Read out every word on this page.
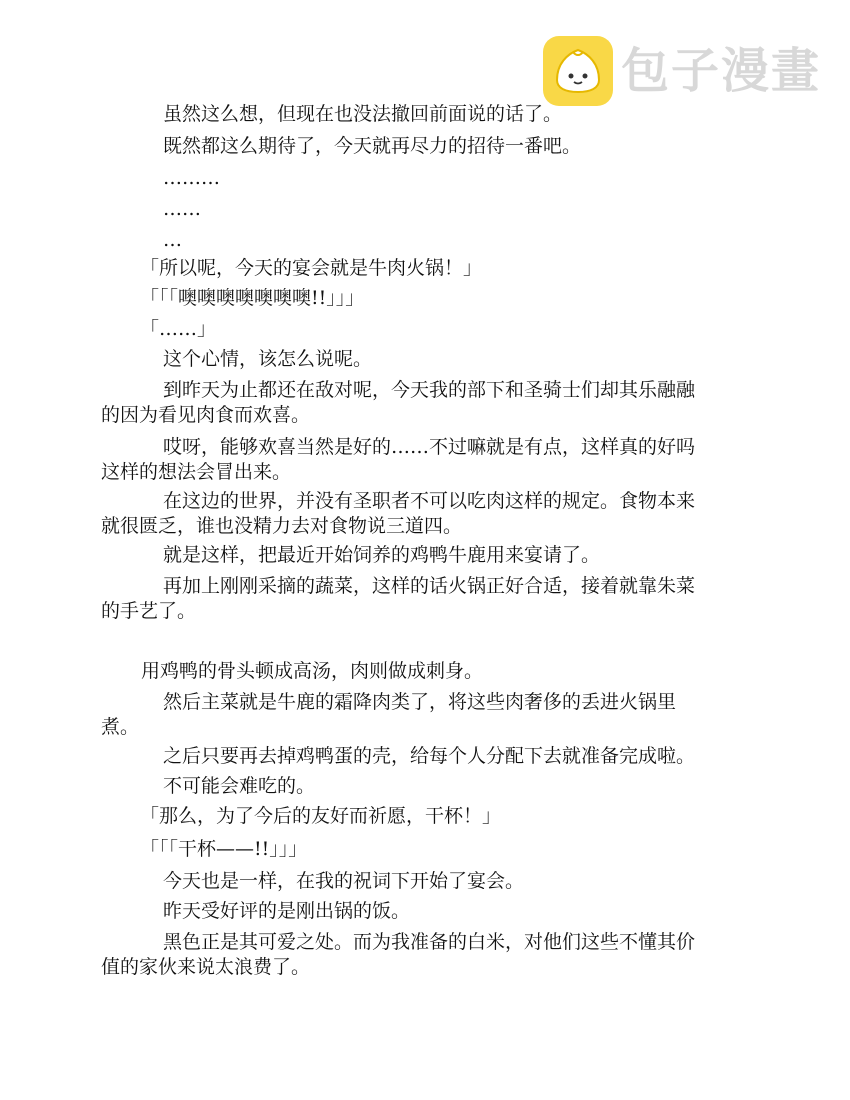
包子漫畫
虽然这么想，但现在也没法撤回前面说的话了。
既然都这么期待了，今天就再尽力的招待一番吧。
………
……
…
「所以呢，今天的宴会就是牛肉火锅！」
「「「噢噢噢噢噢噢噢!!」」」
「……」
这个心情，该怎么说呢。
到昨天为止都还在敌对呢，今天我的部下和圣骑士们却其乐融融
的因为看见肉食而欢喜。
哎呀，能够欢喜当然是好的……不过嘛就是有点，这样真的好吗
这样的想法会冒出来。
在这边的世界，并没有圣职者不可以吃肉这样的规定。食物本来
就很匮乏，谁也没精力去对食物说三道四。
就是这样，把最近开始饲养的鸡鸭牛鹿用来宴请了。
再加上刚刚采摘的蔬菜，这样的话火锅正好合适，接着就靠朱菜
的手艺了。
用鸡鸭的骨头顿成高汤，肉则做成刺身。
然后主菜就是牛鹿的霜降肉类了，将这些肉奢侈的丢进火锅里
煮。
之后只要再去掉鸡鸭蛋的壳，给每个人分配下去就准备完成啦。
不可能会难吃的。
「那么，为了今后的友好而祈愿，干杯！」
「「「干杯——!!」」」
今天也是一样，在我的祝词下开始了宴会。
昨天受好评的是刚出锅的饭。
黑色正是其可爱之处。而为我准备的白米，对他们这些不懂其价
值的家伙来说太浪费了。
